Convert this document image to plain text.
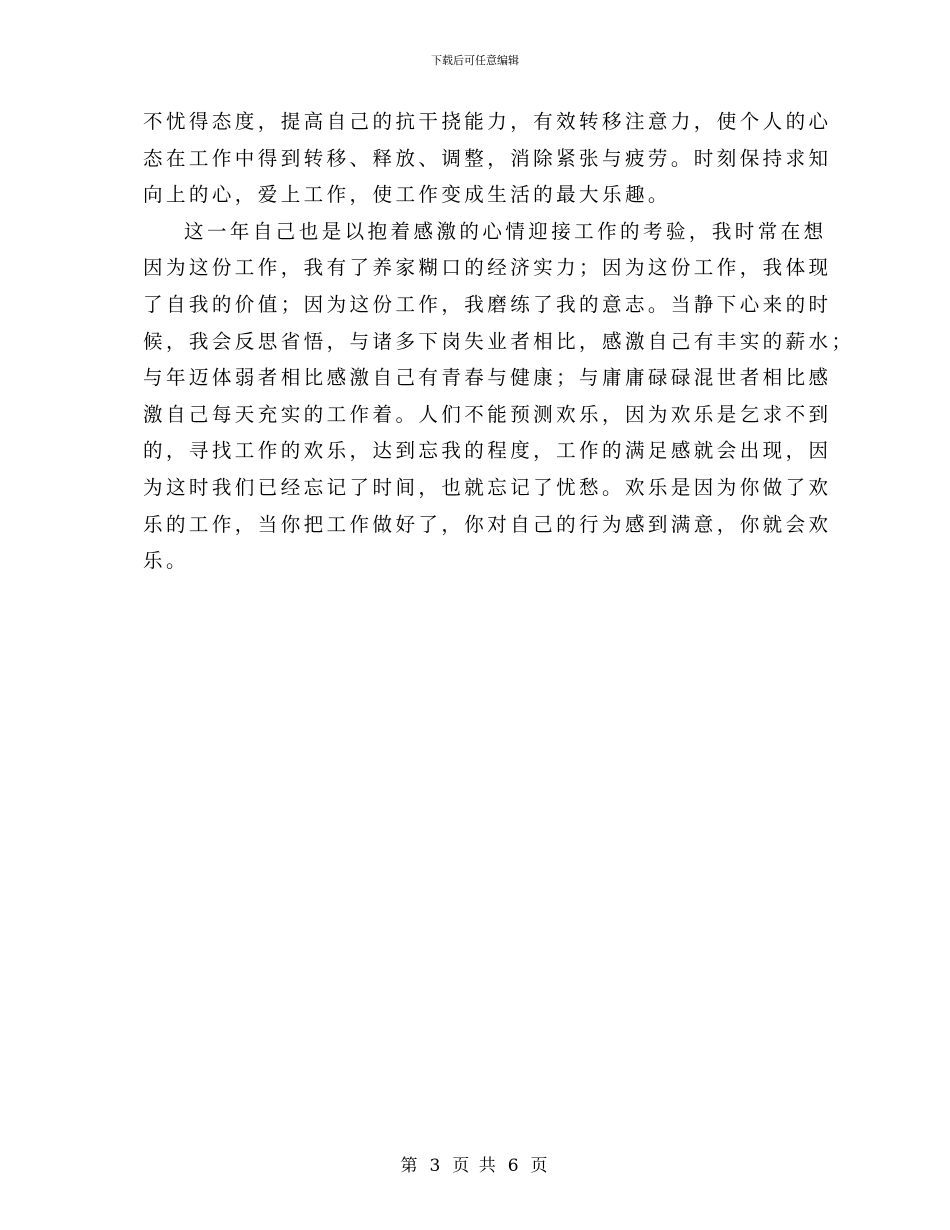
下载后可任意编辑
不忧得态度，提高自己的抗干挠能力，有效转移注意力，使个人的心
态在工作中得到转移、释放、调整，消除紧张与疲劳。时刻保持求知
向上的心，爱上工作，使工作变成生活的最大乐趣。
这一年自己也是以抱着感激的心情迎接工作的考验，我时常在想
因为这份工作，我有了养家糊口的经济实力；因为这份工作，我体现
了自我的价值；因为这份工作，我磨练了我的意志。当静下心来的时
候，我会反思省悟，与诸多下岗失业者相比，感激自己有丰实的薪水；
与年迈体弱者相比感激自己有青春与健康；与庸庸碌碌混世者相比感
激自己每天充实的工作着。人们不能预测欢乐，因为欢乐是乞求不到
的，寻找工作的欢乐，达到忘我的程度，工作的满足感就会出现，因
为这时我们已经忘记了时间，也就忘记了忧愁。欢乐是因为你做了欢
乐的工作，当你把工作做好了，你对自己的行为感到满意，你就会欢
乐。
第 3 页 共 6 页
